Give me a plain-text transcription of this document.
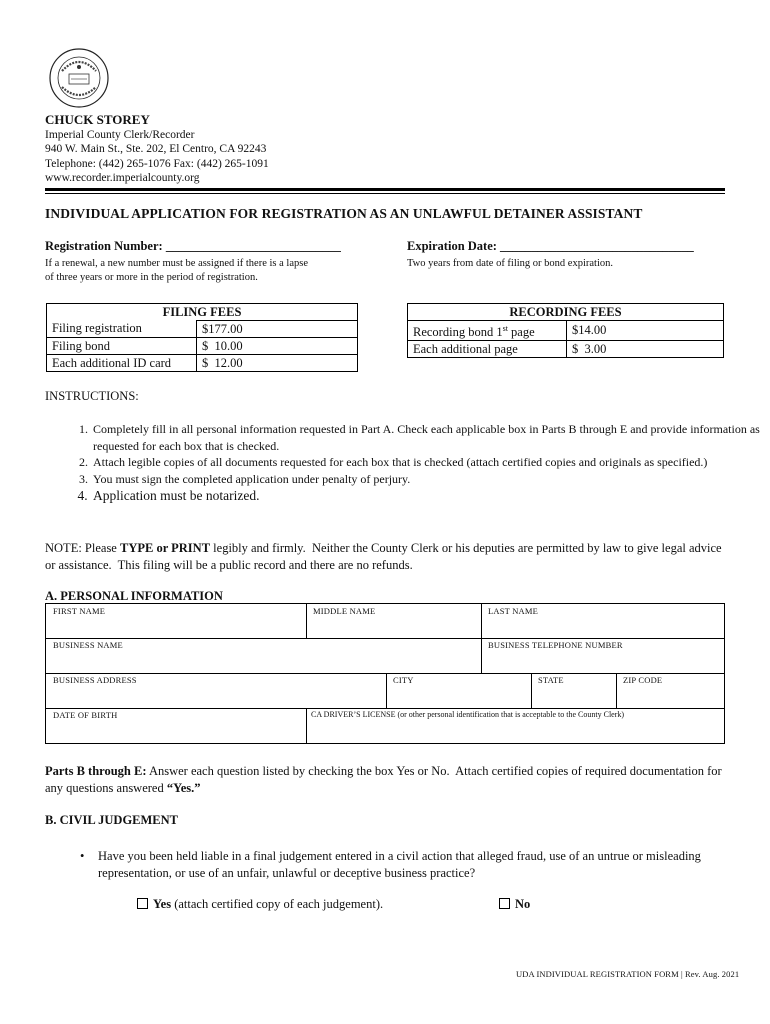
CHUCK STOREY
Imperial County Clerk/Recorder
940 W. Main St., Ste. 202, El Centro, CA 92243
Telephone: (442) 265-1076 Fax: (442) 265-1091
www.recorder.imperialcounty.org
INDIVIDUAL APPLICATION FOR REGISTRATION AS AN UNLAWFUL DETAINER ASSISTANT
Registration Number: ____________________________
If a renewal, a new number must be assigned if there is a lapse
of three years or more in the period of registration.
Expiration Date: _______________________________
Two years from date of filing or bond expiration.
FILING FEES	
Filing registration	$177.00
Filing bond	$  10.00
Each additional ID card	$  12.00
RECORDING FEES	
Recording bond 1st page	$14.00
Each additional page	$  3.00
INSTRUCTIONS:
1. Completely fill in all personal information requested in Part A. Check each applicable box in Parts B through E and provide information as requested for each box that is checked.
2. Attach legible copies of all documents requested for each box that is checked (attach certified copies and originals as specified.)
3. You must sign the completed application under penalty of perjury.
4. Application must be notarized.
NOTE: Please TYPE or PRINT legibly and firmly.  Neither the County Clerk or his deputies are permitted by law to give legal advice or assistance.  This filing will be a public record and there are no refunds.
A. PERSONAL INFORMATION
FIRST NAME	MIDDLE NAME	LAST NAME
BUSINESS NAME	BUSINESS TELEPHONE NUMBER
BUSINESS ADDRESS	CITY	STATE	ZIP CODE
DATE OF BIRTH	CA DRIVER’S LICENSE (or other personal identification that is acceptable to the County Clerk)
Parts B through E: Answer each question listed by checking the box Yes or No.  Attach certified copies of required documentation for any questions answered “Yes.”
B. CIVIL JUDGEMENT
• Have you been held liable in a final judgement entered in a civil action that alleged fraud, use of an untrue or misleading representation, or use of an unfair, unlawful or deceptive business practice?
Yes (attach certified copy of each judgement).	No
UDA INDIVIDUAL REGISTRATION FORM | Rev. Aug. 2021
